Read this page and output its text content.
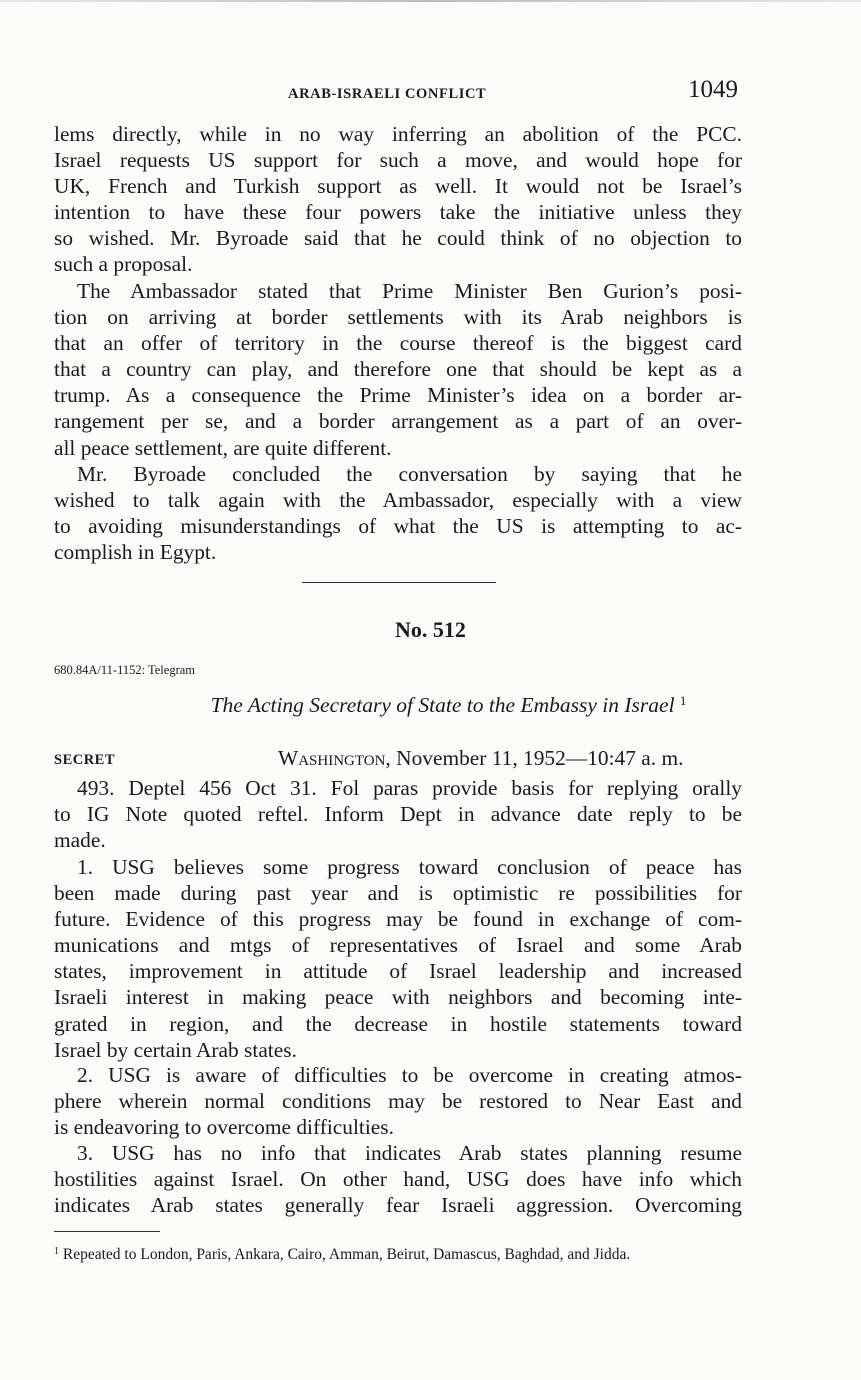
ARAB-ISRAELI CONFLICT	1049
lems directly, while in no way inferring an abolition of the PCC.
Israel requests US support for such a move, and would hope for
UK, French and Turkish support as well. It would not be Israel’s
intention to have these four powers take the initiative unless they
so wished. Mr. Byroade said that he could think of no objection to
such a proposal.
The Ambassador stated that Prime Minister Ben Gurion’s posi-
tion on arriving at border settlements with its Arab neighbors is
that an offer of territory in the course thereof is the biggest card
that a country can play, and therefore one that should be kept as a
trump. As a consequence the Prime Minister’s idea on a border ar-
rangement per se, and a border arrangement as a part of an over-
all peace settlement, are quite different.
Mr. Byroade concluded the conversation by saying that he
wished to talk again with the Ambassador, especially with a view
to avoiding misunderstandings of what the US is attempting to ac-
complish in Egypt.
No. 512
680.84A/11-1152: Telegram
The Acting Secretary of State to the Embassy in Israel $^1$
SECRET	Washington, November 11, 1952—10:47 a. m.
493. Deptel 456 Oct 31. Fol paras provide basis for replying orally
to IG Note quoted reftel. Inform Dept in advance date reply to be
made.
1. USG believes some progress toward conclusion of peace has
been made during past year and is optimistic re possibilities for
future. Evidence of this progress may be found in exchange of com-
munications and mtgs of representatives of Israel and some Arab
states, improvement in attitude of Israel leadership and increased
Israeli interest in making peace with neighbors and becoming inte-
grated in region, and the decrease in hostile statements toward
Israel by certain Arab states.
2. USG is aware of difficulties to be overcome in creating atmos-
phere wherein normal conditions may be restored to Near East and
is endeavoring to overcome difficulties.
3. USG has no info that indicates Arab states planning resume
hostilities against Israel. On other hand, USG does have info which
indicates Arab states generally fear Israeli aggression. Overcoming

$^1$ Repeated to London, Paris, Ankara, Cairo, Amman, Beirut, Damascus, Baghdad, and Jidda.
